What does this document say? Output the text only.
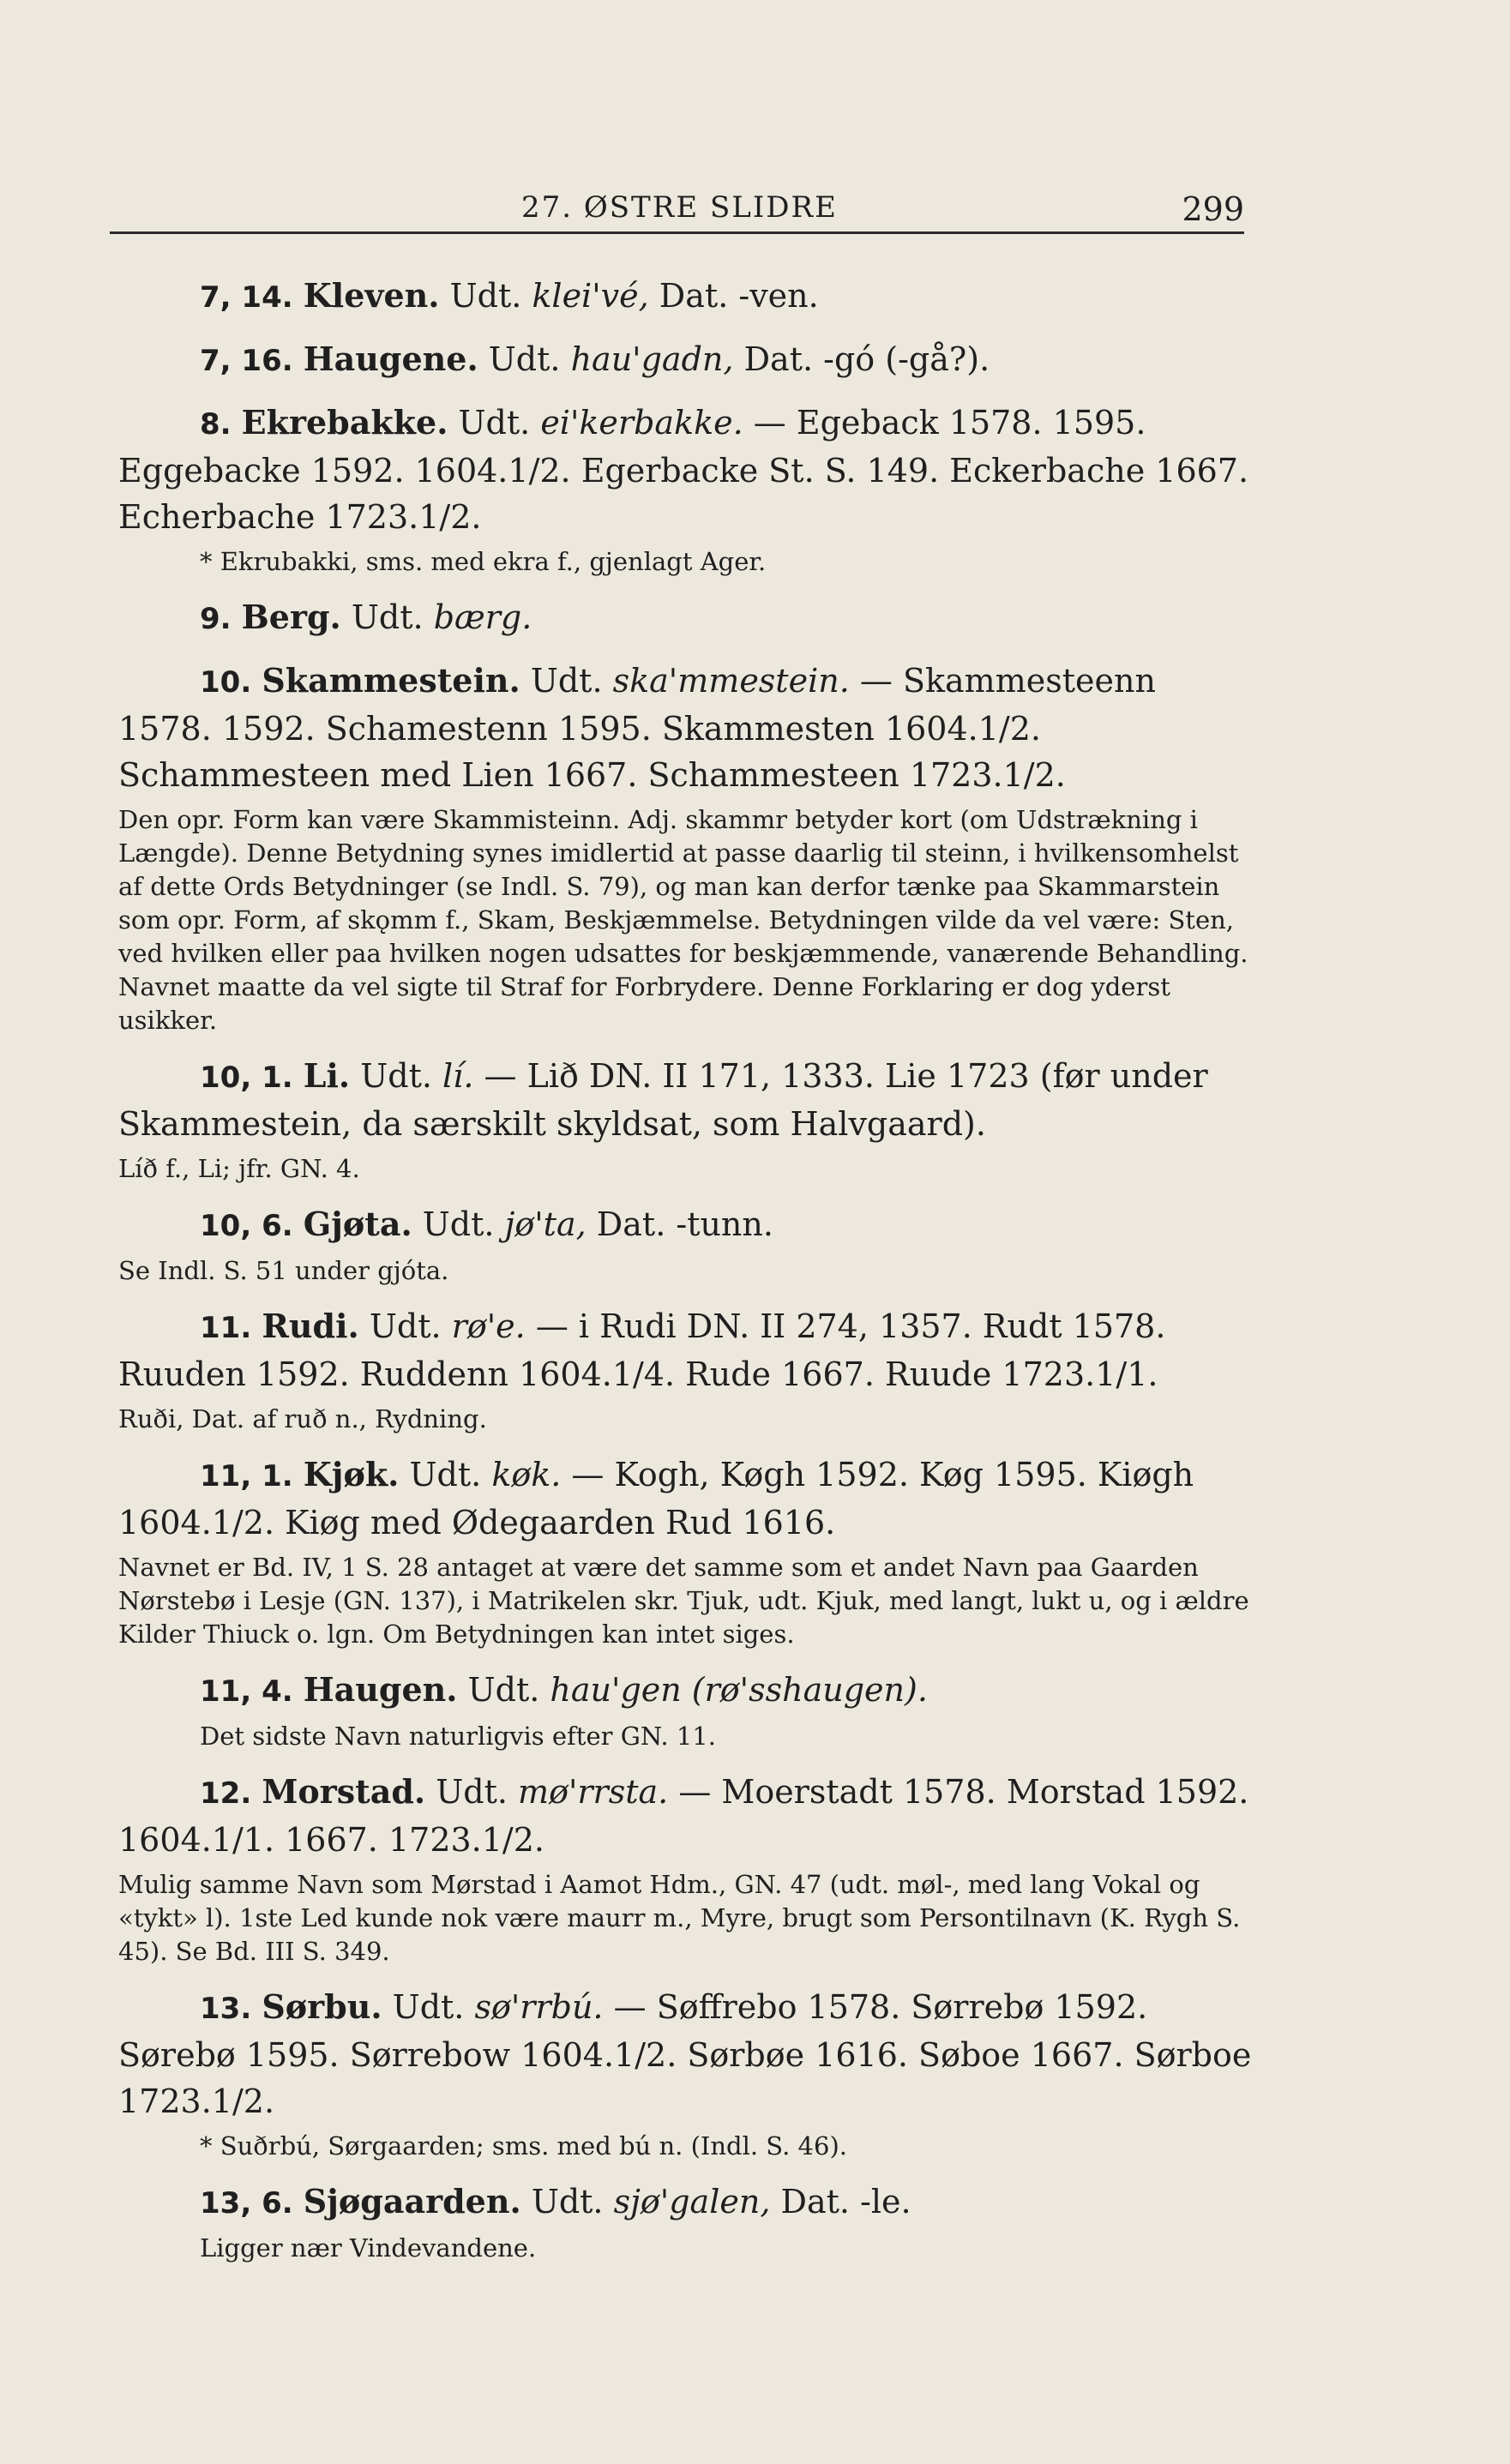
27. ØSTRE SLIDRE	299

7, 14. Kleven. Udt. klei'vé, Dat. -ven.

7, 16. Haugene. Udt. hau'gadn, Dat. -gó (-gå?).

8. Ekrebakke. Udt. ei'kerbakke. — Egeback 1578. 1595. Eggebacke 1592. 1604.1/2. Egerbacke St. S. 149. Eckerbache 1667. Echerbache 1723.1/2.

* Ekrubakki, sms. med ekra f., gjenlagt Ager.

9. Berg. Udt. bærg.

10. Skammestein. Udt. ska'mmestein. — Skammesteenn 1578. 1592. Schamestenn 1595. Skammesten 1604.1/2. Schammesteen med Lien 1667. Schammesteen 1723.1/2.

Den opr. Form kan være Skammisteinn. Adj. skammr betyder kort (om Udstrækning i Længde). Denne Betydning synes imidlertid at passe daarlig til steinn, i hvilkensomhelst af dette Ords Betydninger (se Indl. S. 79), og man kan derfor tænke paa Skammarstein som opr. Form, af skǫmm f., Skam, Beskjæmmelse. Betydningen vilde da vel være: Sten, ved hvilken eller paa hvilken nogen udsattes for beskjæmmende, vanærende Behandling. Navnet maatte da vel sigte til Straf for Forbrydere. Denne Forklaring er dog yderst usikker.

10, 1. Li. Udt. lí. — Lið DN. II 171, 1333. Lie 1723 (før under Skammestein, da særskilt skyldsat, som Halvgaard).

Líð f., Li; jfr. GN. 4.

10, 6. Gjøta. Udt. jø'ta, Dat. -tunn.

Se Indl. S. 51 under gjóta.

11. Rudi. Udt. rø'e. — i Rudi DN. II 274, 1357. Rudt 1578. Ruuden 1592. Ruddenn 1604.1/4. Rude 1667. Ruude 1723.1/1.

Ruði, Dat. af ruð n., Rydning.

11, 1. Kjøk. Udt. køk. — Kogh, Køgh 1592. Køg 1595. Kiøgh 1604.1/2. Kiøg med Ødegaarden Rud 1616.

Navnet er Bd. IV, 1 S. 28 antaget at være det samme som et andet Navn paa Gaarden Nørstebø i Lesje (GN. 137), i Matrikelen skr. Tjuk, udt. Kjuk, med langt, lukt u, og i ældre Kilder Thiuck o. lgn. Om Betydningen kan intet siges.

11, 4. Haugen. Udt. hau'gen (rø'sshaugen).

Det sidste Navn naturligvis efter GN. 11.

12. Morstad. Udt. mø'rrsta. — Moerstadt 1578. Morstad 1592. 1604.1/1. 1667. 1723.1/2.

Mulig samme Navn som Mørstad i Aamot Hdm., GN. 47 (udt. møl-, med lang Vokal og «tykt» l). 1ste Led kunde nok være maurr m., Myre, brugt som Persontilnavn (K. Rygh S. 45). Se Bd. III S. 349.

13. Sørbu. Udt. sø'rrbú. — Søffrebo 1578. Sørrebø 1592. Sørebø 1595. Sørrebow 1604.1/2. Sørbøe 1616. Søboe 1667. Sørboe 1723.1/2.

* Suðrbú, Sørgaarden; sms. med bú n. (Indl. S. 46).

13, 6. Sjøgaarden. Udt. sjø'galen, Dat. -le.

Ligger nær Vindevandene.
